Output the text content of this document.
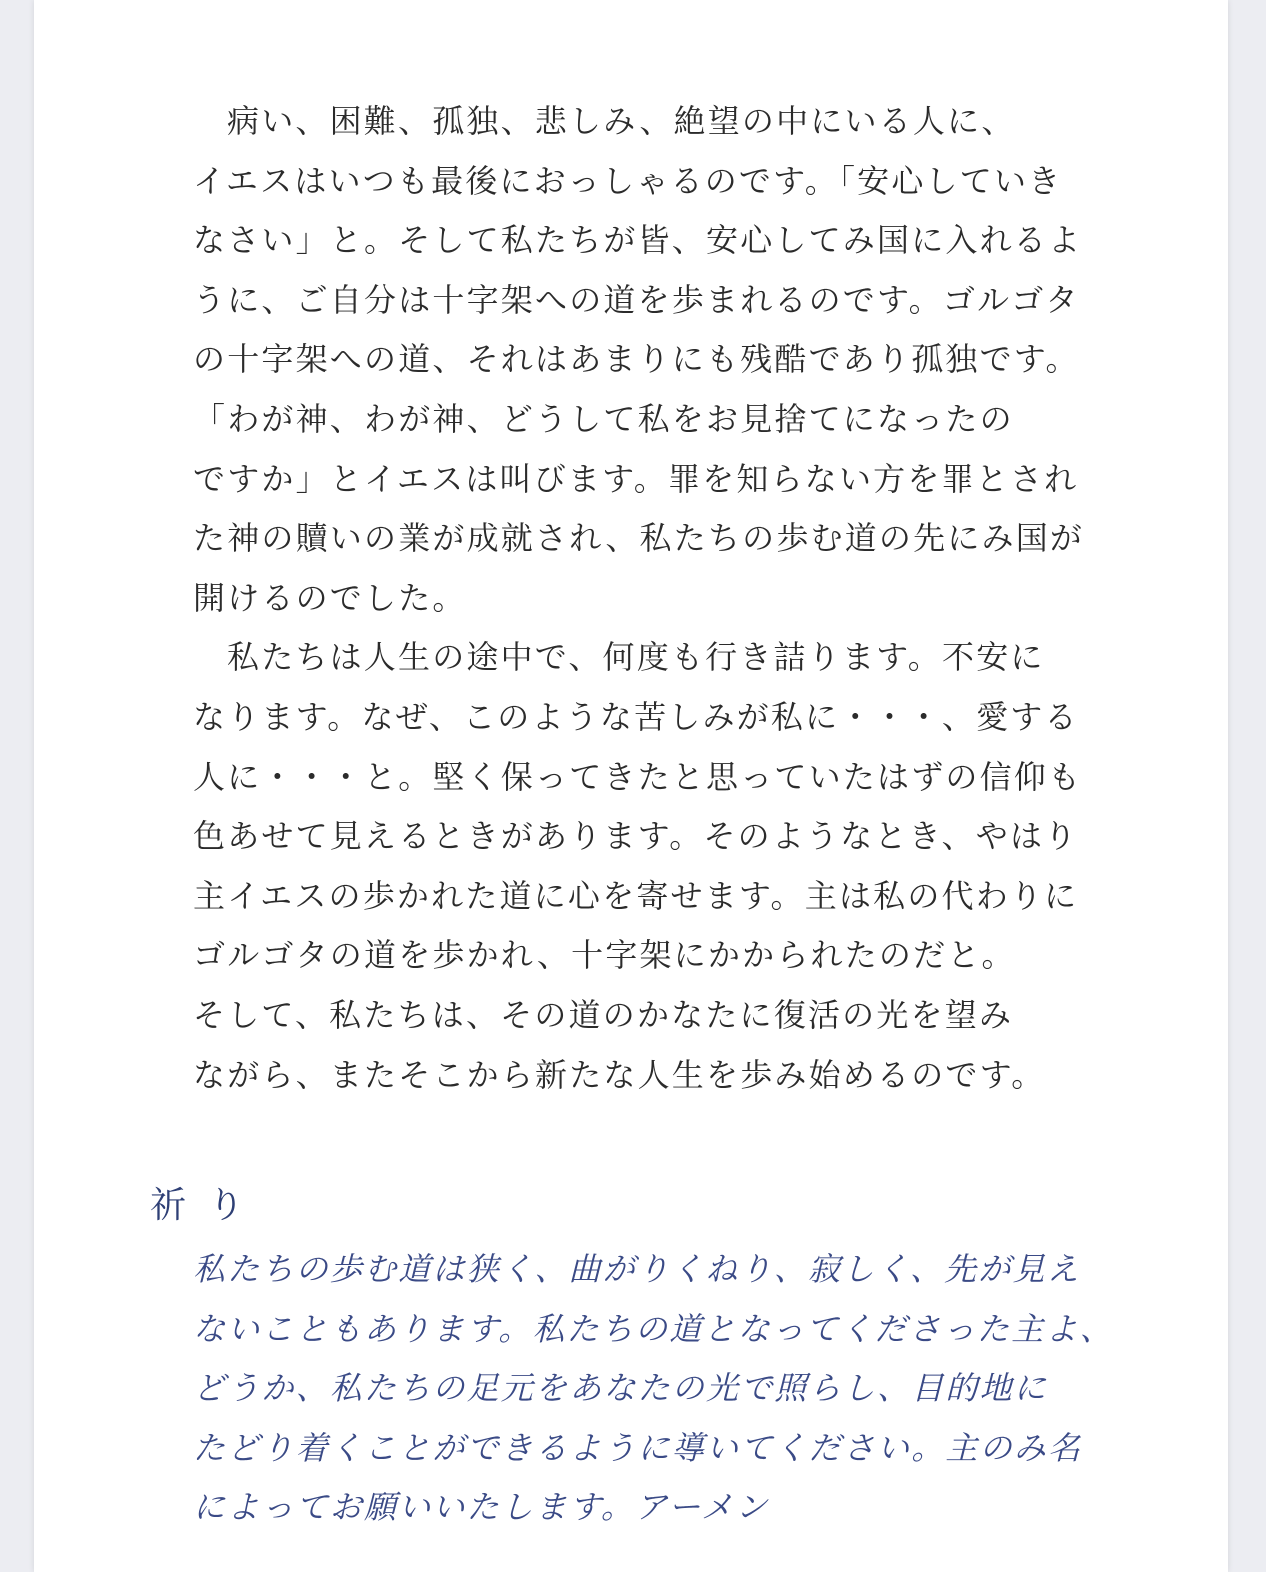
病い、困難、孤独、悲しみ、絶望の中にいる人に、
イエスはいつも最後におっしゃるのです。「安心していき
なさい」と。そして私たちが皆、安心してみ国に入れるよ
うに、ご自分は十字架への道を歩まれるのです。ゴルゴタ
の十字架への道、それはあまりにも残酷であり孤独です。
「わが神、わが神、どうして私をお見捨てになったの
ですか」とイエスは叫びます。罪を知らない方を罪とされ
た神の贖いの業が成就され、私たちの歩む道の先にみ国が
開けるのでした。
私たちは人生の途中で、何度も行き詰ります。不安に
なります。なぜ、このような苦しみが私に・・・、愛する
人に・・・と。堅く保ってきたと思っていたはずの信仰も
色あせて見えるときがあります。そのようなとき、やはり
主イエスの歩かれた道に心を寄せます。主は私の代わりに
ゴルゴタの道を歩かれ、十字架にかかられたのだと。
そして、私たちは、その道のかなたに復活の光を望み
ながら、またそこから新たな人生を歩み始めるのです。
祈り
私たちの歩む道は狭く、曲がりくねり、寂しく、先が見え
ないこともあります。私たちの道となってくださった主よ、
どうか、私たちの足元をあなたの光で照らし、目的地に
たどり着くことができるように導いてください。主のみ名
によってお願いいたします。アーメン
